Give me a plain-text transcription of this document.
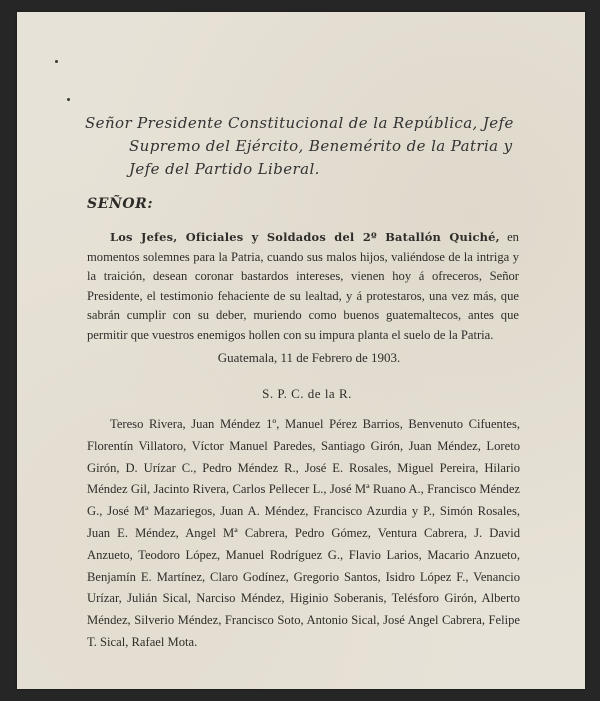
Señor Presidente Constitucional de la República, Jefe
Supremo del Ejército, Benemérito de la Patria y
Jefe del Partido Liberal.
SEÑOR:

Los Jefes, Oficiales y Soldados del 2º Batallón Quiché, en momentos solemnes para la Patria, cuando sus malos hijos, valiéndose de la intriga y la traición, desean coronar bastardos intereses, vienen hoy á ofreceros, Señor Presidente, el testimonio fehaciente de su lealtad, y á protestaros, una vez más, que sabrán cumplir con su deber, muriendo como buenos guatemaltecos, antes que permitir que vuestros enemigos hollen con su impura planta el suelo de la Patria.

Guatemala, 11 de Febrero de 1903.
S. P. C. de la R.

Tereso Rivera, Juan Méndez 1º, Manuel Pérez Barrios, Benvenuto Cifuentes, Florentín Villatoro, Víctor Manuel Paredes, Santiago Girón, Juan Méndez, Loreto Girón, D. Urízar C., Pedro Méndez R., José E. Rosales, Miguel Pereira, Hilario Méndez Gil, Jacinto Rivera, Carlos Pellecer L., José Mª Ruano A., Francisco Méndez G., José Mª Mazariegos, Juan A. Méndez, Francisco Azurdia y P., Simón Rosales, Juan E. Méndez, Angel Mª Cabrera, Pedro Gómez, Ventura Cabrera, J. David Anzueto, Teodoro López, Manuel Rodríguez G., Flavio Larios, Macario Anzueto, Benjamín E. Martínez, Claro Godínez, Gregorio Santos, Isidro López F., Venancio Urízar, Julián Sical, Narciso Méndez, Higinio Soberanis, Telésforo Girón, Alberto Méndez, Silverio Méndez, Francisco Soto, Antonio Sical, José Angel Cabrera, Felipe T. Sical, Rafael Mota.
